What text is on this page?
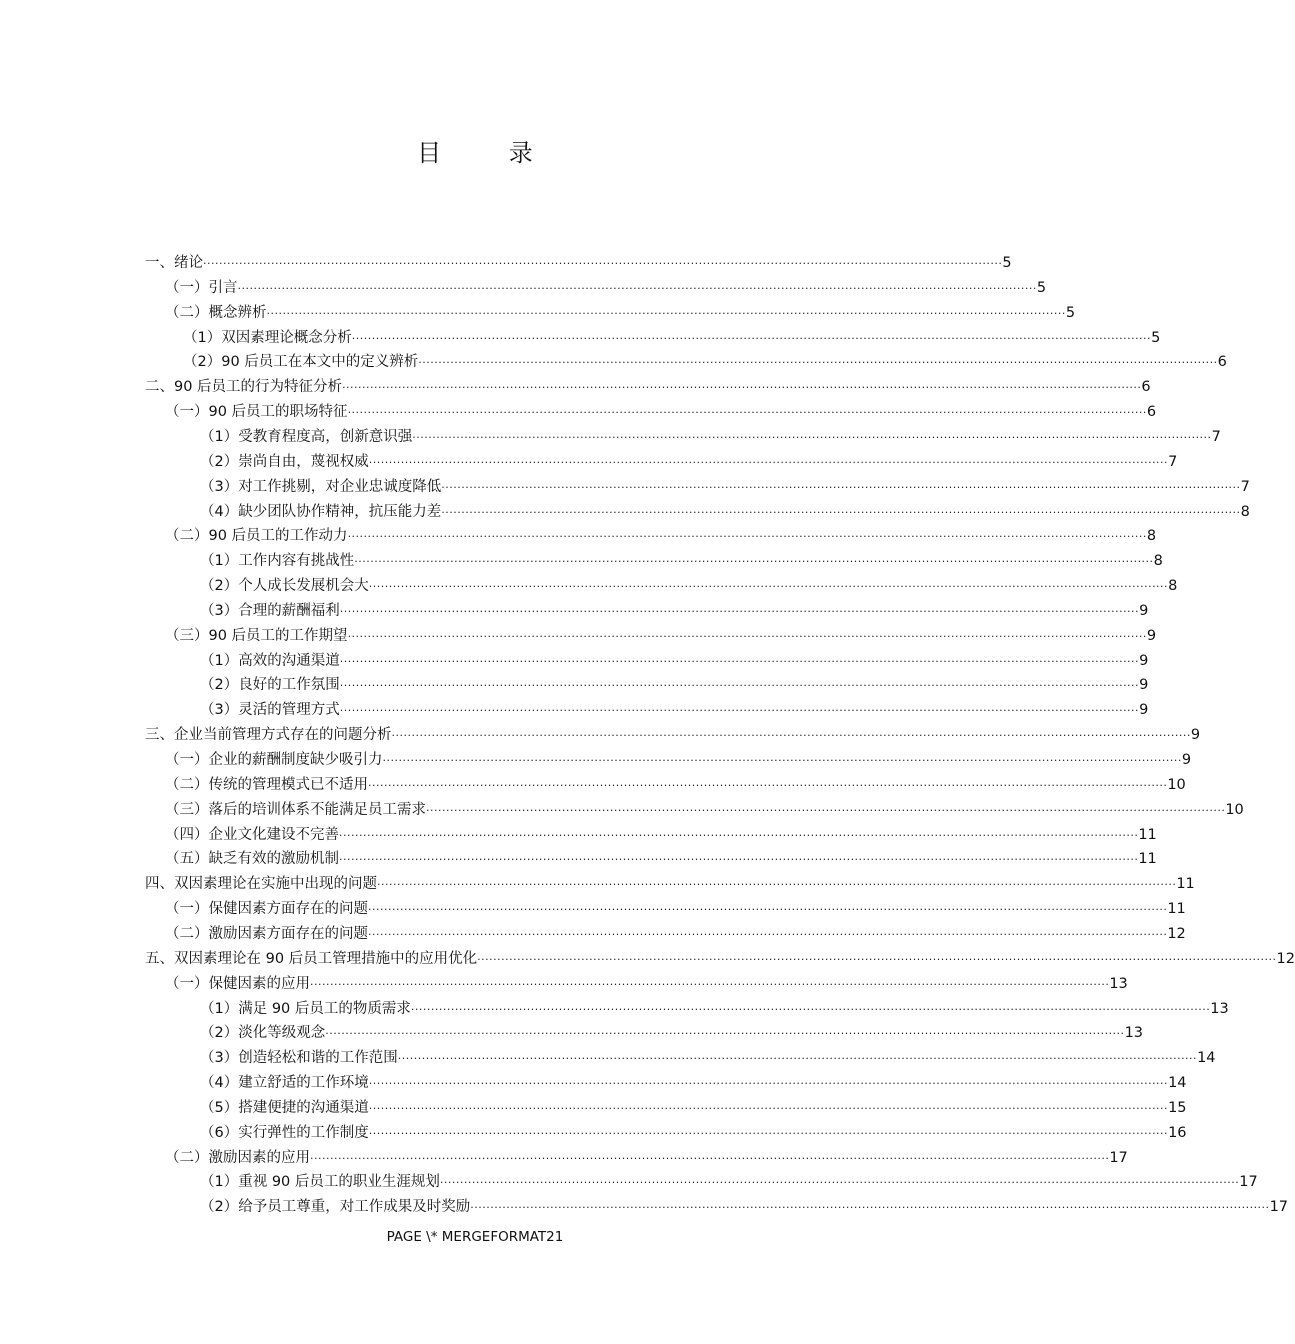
目 录
一、绪论 ········································································································································································································ 5
（一）引言 ········································································································································································································ 5
（二）概念辨析 ········································································································································································································ 5
（1）双因素理论概念分析 ········································································································································································································ 5
（2）90 后员工在本文中的定义辨析 ········································································································································································································ 6
二、90 后员工的行为特征分析 ········································································································································································································ 6
（一）90 后员工的职场特征 ········································································································································································································ 6
（1）受教育程度高，创新意识强 ········································································································································································································ 7
（2）崇尚自由，蔑视权威 ········································································································································································································ 7
（3）对工作挑剔，对企业忠诚度降低 ········································································································································································································ 7
（4）缺少团队协作精神，抗压能力差 ········································································································································································································ 8
（二）90 后员工的工作动力 ········································································································································································································ 8
（1）工作内容有挑战性 ········································································································································································································ 8
（2）个人成长发展机会大 ········································································································································································································ 8
（3）合理的薪酬福利 ········································································································································································································ 9
（三）90 后员工的工作期望 ········································································································································································································ 9
（1）高效的沟通渠道 ········································································································································································································ 9
（2）良好的工作氛围 ········································································································································································································ 9
（3）灵活的管理方式 ········································································································································································································ 9
三、企业当前管理方式存在的问题分析 ········································································································································································································ 9
（一）企业的薪酬制度缺少吸引力 ········································································································································································································ 9
（二）传统的管理模式已不适用 ········································································································································································································ 10
（三）落后的培训体系不能满足员工需求 ········································································································································································································ 10
（四）企业文化建设不完善 ········································································································································································································ 11
（五）缺乏有效的激励机制 ········································································································································································································ 11
四、双因素理论在实施中出现的问题 ········································································································································································································ 11
（一）保健因素方面存在的问题 ········································································································································································································ 11
（二）激励因素方面存在的问题 ········································································································································································································ 12
五、双因素理论在 90 后员工管理措施中的应用优化 ········································································································································································································ 12
（一）保健因素的应用 ········································································································································································································ 13
（1）满足 90 后员工的物质需求 ········································································································································································································ 13
（2）淡化等级观念 ········································································································································································································ 13
（3）创造轻松和谐的工作范围 ········································································································································································································ 14
（4）建立舒适的工作环境 ········································································································································································································ 14
（5）搭建便捷的沟通渠道 ········································································································································································································ 15
（6）实行弹性的工作制度 ········································································································································································································ 16
（二）激励因素的应用 ········································································································································································································ 17
（1）重视 90 后员工的职业生涯规划 ········································································································································································································ 17
（2）给予员工尊重，对工作成果及时奖励 ········································································································································································································ 17
PAGE \* MERGEFORMAT21
